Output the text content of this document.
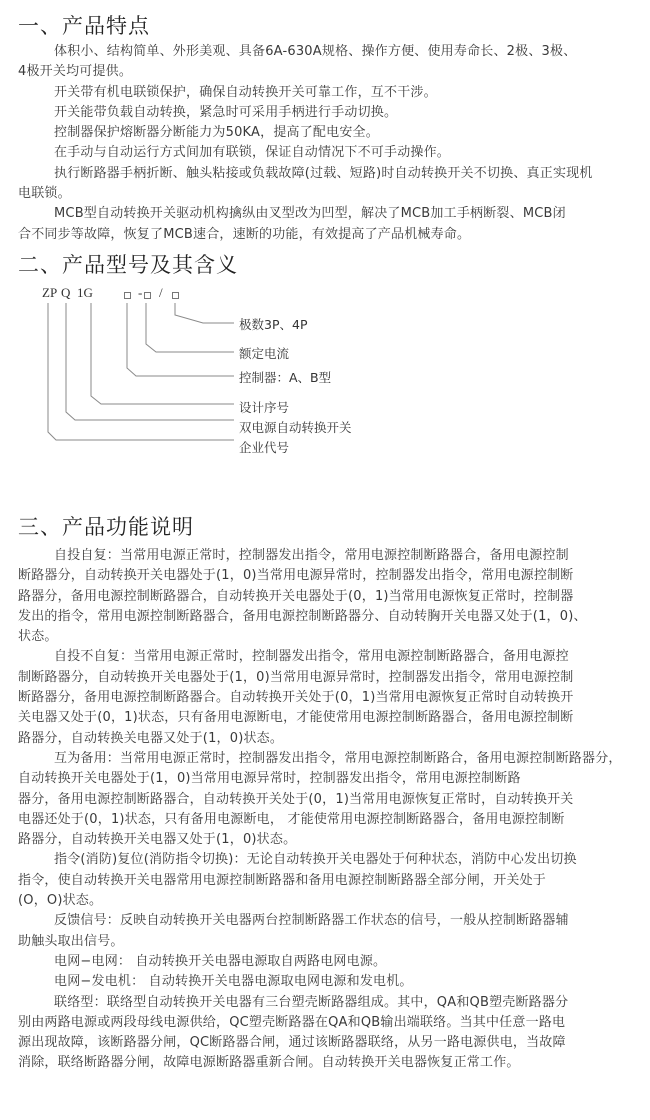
一、产品特点
体积小、结构简单、外形美观、具备6A-630A规格、操作方便、使用寿命长、2极、3极、
4极开关均可提供。
开关带有机电联锁保护，确保自动转换开关可靠工作，互不干涉。
开关能带负载自动转换，紧急时可采用手柄进行手动切换。
控制器保护熔断器分断能力为50KA，提高了配电安全。
在手动与自动运行方式间加有联锁，保证自动情况下不可手动操作。
执行断路器手柄折断、触头粘接或负载故障(过载、短路)时自动转换开关不切换、真正实现机
电联锁。
MCB型自动转换开关驱动机构擒纵由叉型改为凹型，解决了MCB加工手柄断裂、MCB闭
合不同步等故障，恢复了MCB速合，速断的功能，有效提高了产品机械寿命。
二、产品型号及其含义
ZP Q 1G	- /
极数3P、4P
额定电流
控制器：A、B型
设计序号
双电源自动转换开关
企业代号
三、产品功能说明
自投自复：当常用电源正常时，控制器发出指令，常用电源控制断路器合，备用电源控制
断路器分，自动转换开关电器处于(1，0)当常用电源异常时，控制器发出指令，常用电源控制断
路器分，备用电源控制断路器合，自动转换开关电器处于(0，1)当常用电源恢复正常时，控制器
发出的指令，常用电源控制断路器合，备用电源控制断路器分、自动转胸开关电器又处于(1，0)、
状态。
自投不自复：当常用电源正常时，控制器发出指令，常用电源控制断路器合，备用电源控
制断路器分，自动转换开关电器处于(1，0)当常用电源异常时，控制器发出指令，常用电源控制
断路器分，备用电源控制断路器合。自动转换开关处于(0，1)当常用电源恢复正常时自动转换开
关电器又处于(0，1)状态，只有备用电源断电，才能使常用电源控制断路器合，备用电源控制断
路器分，自动转换关电器又处于(1，0)状态。
互为备用：当常用电源正常时，控制器发出指令，常用电源控制断路合，备用电源控制断路器分，
自动转换开关电器处于(1，0)当常用电源异常时，控制器发出指令，常用电源控制断路
器分，备用电源控制断路器合，自动转换开关处于(0，1)当常用电源恢复正常时，自动转换开关
电器还处于(0，1)状态，只有备用电源断电， 才能使常用电源控制断路器合，备用电源控制断
路器分，自动转换开关电器又处于(1，0)状态。
指令(消防)复位(消防指令切换)：无论自动转换开关电器处于何种状态，消防中心发出切换
指令，使自动转换开关电器常用电源控制断路器和备用电源控制断路器全部分闸，开关处于
(O，O)状态。
反馈信号：反映自动转换开关电器两台控制断路器工作状态的信号，一般从控制断路器辅
助触头取出信号。
电网−电网： 自动转换开关电器电源取自两路电网电源。
电网−发电机： 自动转换开关电器电源取电网电源和发电机。
联络型：联络型自动转换开关电器有三台塑壳断路器组成。其中，QA和QB塑壳断路器分
别由两路电源或两段母线电源供给，QC塑壳断路器在QA和QB输出端联络。当其中任意一路电
源出现故障，该断路器分闸，QC断路器合闸，通过该断路器联络，从另一路电源供电，当故障
消除，联络断路器分闸，故障电源断路器重新合闸。自动转换开关电器恢复正常工作。
